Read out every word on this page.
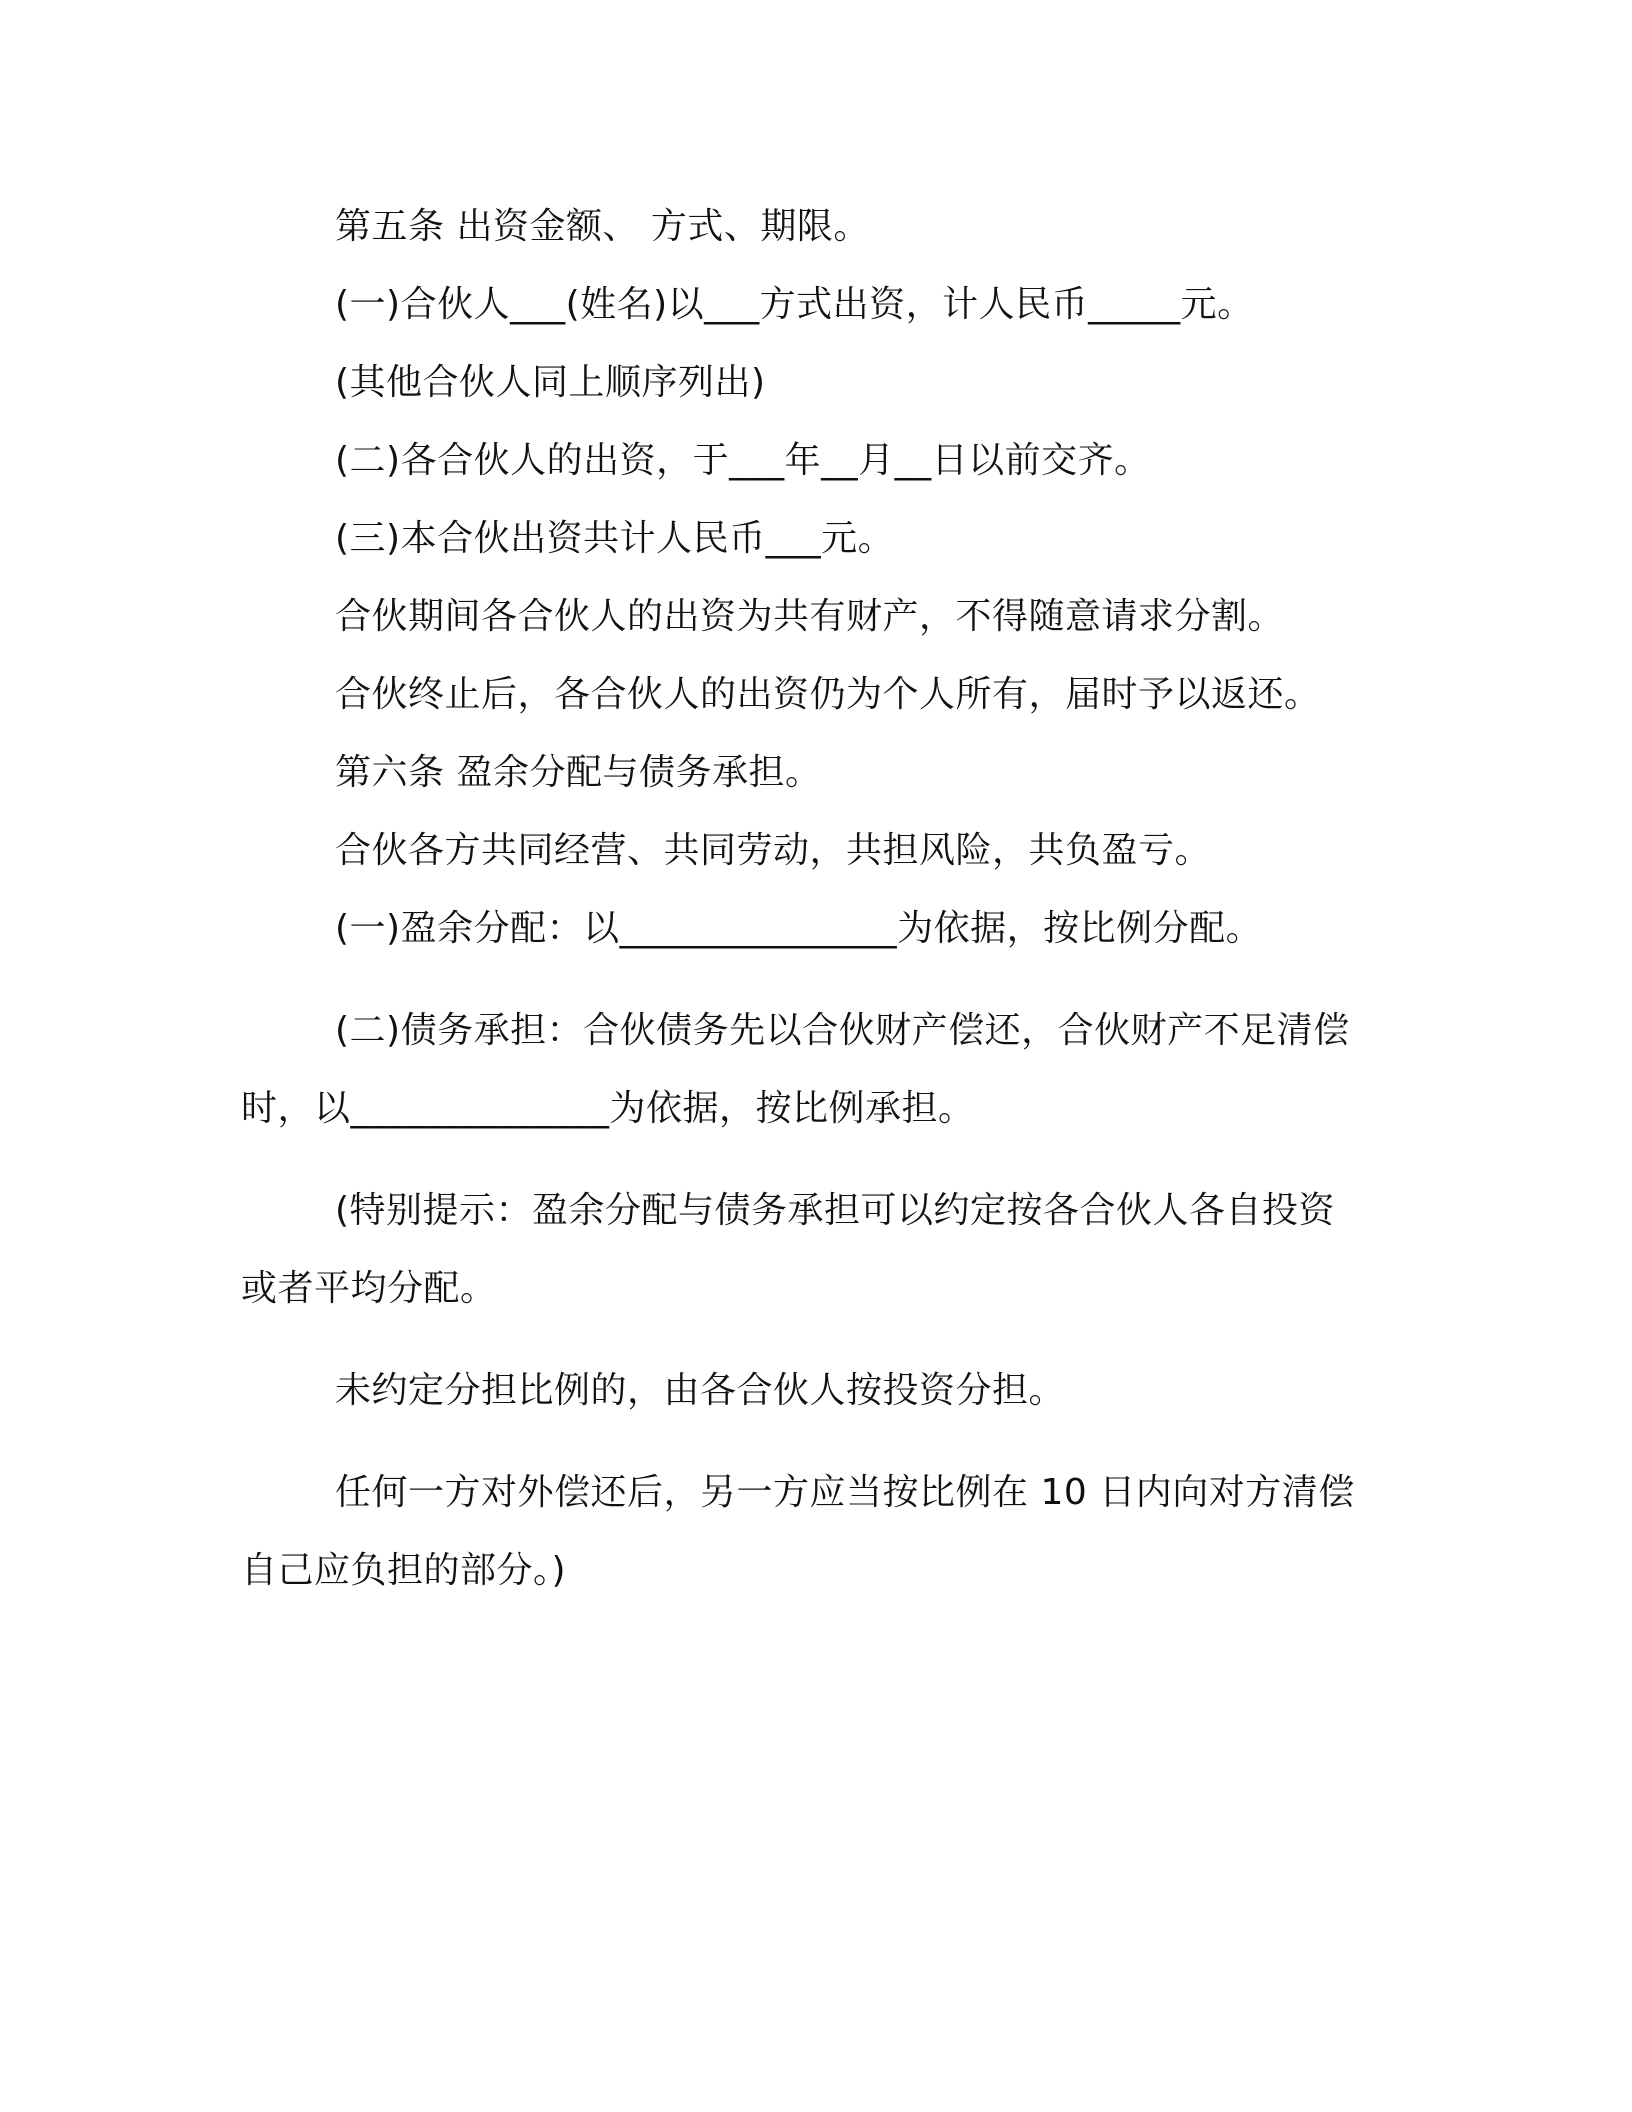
第五条 出资金额、 方式、期限。

(一)合伙人___(姓名)以___方式出资，计人民币_____元。

(其他合伙人同上顺序列出)

(二)各合伙人的出资，于___年__月__日以前交齐。

(三)本合伙出资共计人民币___元。

合伙期间各合伙人的出资为共有财产，不得随意请求分割。

合伙终止后，各合伙人的出资仍为个人所有，届时予以返还。

第六条 盈余分配与债务承担。

合伙各方共同经营、共同劳动，共担风险，共负盈亏。

(一)盈余分配：以_______________为依据，按比例分配。

(二)债务承担：合伙债务先以合伙财产偿还，合伙财产不足清偿时，以______________为依据，按比例承担。

(特别提示：盈余分配与债务承担可以约定按各合伙人各自投资或者平均分配。

未约定分担比例的，由各合伙人按投资分担。

任何一方对外偿还后，另一方应当按比例在 10 日内向对方清偿自己应负担的部分。)
